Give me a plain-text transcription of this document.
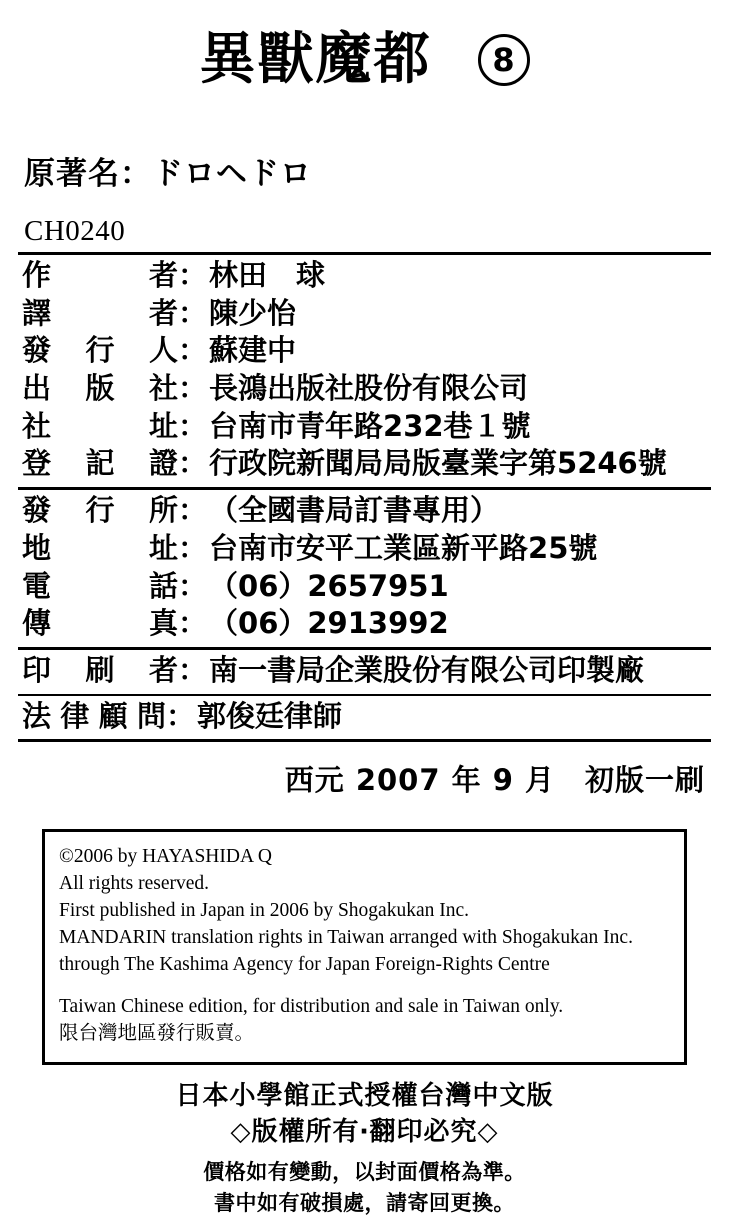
異獸魔都	8
原著名：ドロヘドロ
CH0240
作　　者 ： 林田　球
譯　　者 ： 陳少怡
發 行 人 ： 蘇建中
出 版 社 ： 長鴻出版社股份有限公司
社　　址 ： 台南市青年路232巷１號
登 記 證 ： 行政院新聞局局版臺業字第5246號
發 行 所 ： （全國書局訂書專用）
地　　址 ： 台南市安平工業區新平路25號
電　　話 ： （06）2657951
傳　　真 ： （06）2913992
印 刷 者 ： 南一書局企業股份有限公司印製廠
法律顧問 ： 郭俊廷律師
西元 2007 年 9 月　初版一刷

©2006 by HAYASHIDA Q

All rights reserved.

First published in Japan in 2006 by Shogakukan Inc.

MANDARIN translation rights in Taiwan arranged with Shogakukan Inc.

through The Kashima Agency for Japan Foreign-Rights Centre

Taiwan Chinese edition, for distribution and sale in Taiwan only.

限台灣地區發行販賣。

日本小學館正式授權台灣中文版
◇版權所有‧翻印必究◇
價格如有變動，以封面價格為準。
書中如有破損處，請寄回更換。
